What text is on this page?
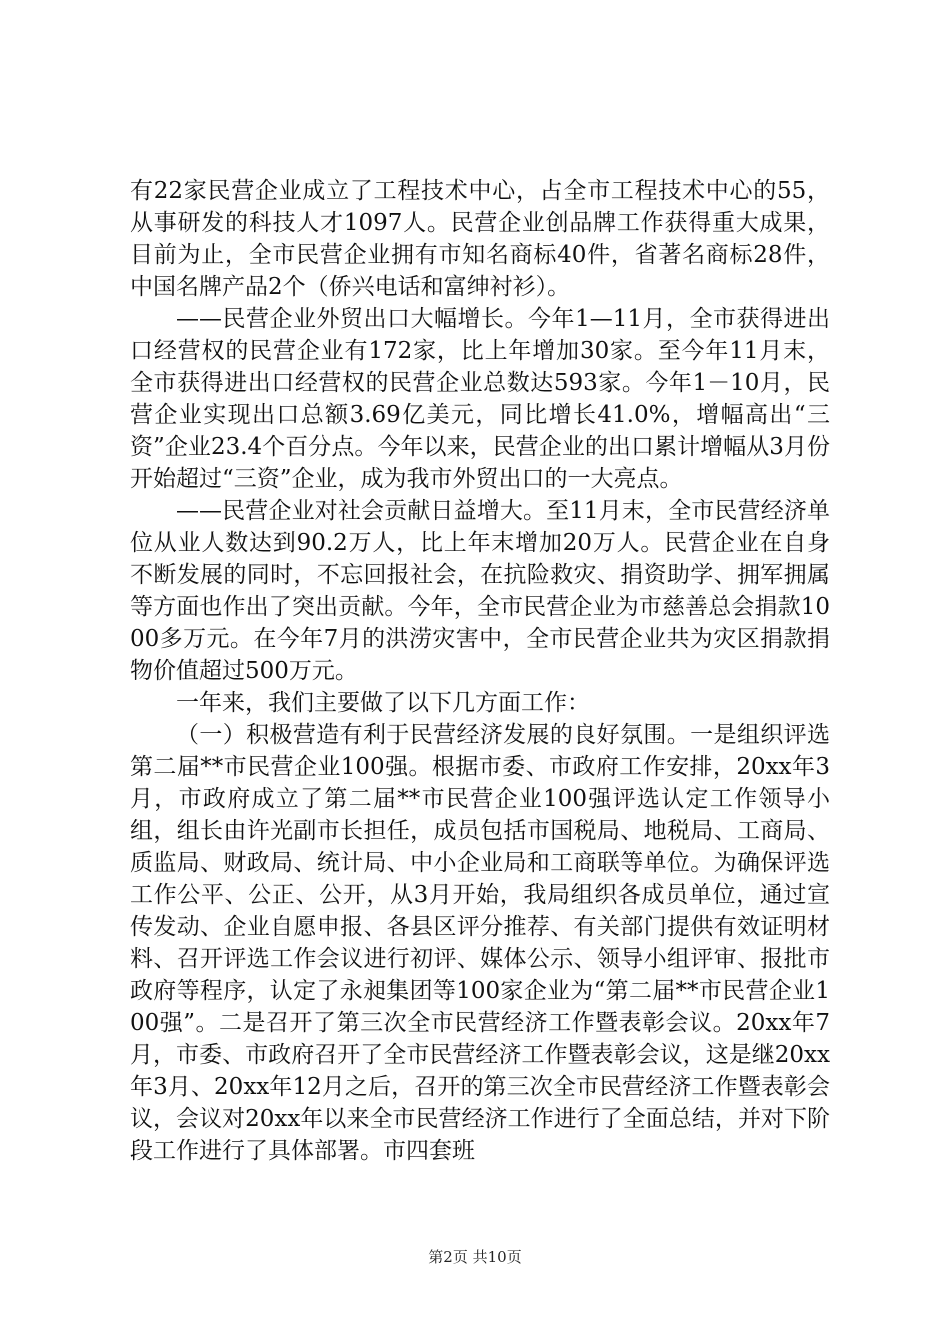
有22家民营企业成立了工程技术中心，占全市工程技术中心的55，从事研发的科技人才1097人。民营企业创品牌工作获得重大成果，目前为止，全市民营企业拥有市知名商标40件，省著名商标28件，中国名牌产品2个（侨兴电话和富绅衬衫）。

——民营企业外贸出口大幅增长。今年1—11月，全市获得进出口经营权的民营企业有172家，比上年增加30家。至今年11月末，全市获得进出口经营权的民营企业总数达593家。今年1－10月，民营企业实现出口总额3.69亿美元，同比增长41.0%，增幅高出“三资”企业23.4个百分点。今年以来，民营企业的出口累计增幅从3月份开始超过“三资”企业，成为我市外贸出口的一大亮点。

——民营企业对社会贡献日益增大。至11月末，全市民营经济单位从业人数达到90.2万人，比上年末增加20万人。民营企业在自身不断发展的同时，不忘回报社会，在抗险救灾、捐资助学、拥军拥属等方面也作出了突出贡献。今年，全市民营企业为市慈善总会捐款1000多万元。在今年7月的洪涝灾害中，全市民营企业共为灾区捐款捐物价值超过500万元。

一年来，我们主要做了以下几方面工作：

（一）积极营造有利于民营经济发展的良好氛围。一是组织评选第二届**市民营企业100强。根据市委、市政府工作安排，20xx年3月，市政府成立了第二届**市民营企业100强评选认定工作领导小组，组长由许光副市长担任，成员包括市国税局、地税局、工商局、质监局、财政局、统计局、中小企业局和工商联等单位。为确保评选工作公平、公正、公开，从3月开始，我局组织各成员单位，通过宣传发动、企业自愿申报、各县区评分推荐、有关部门提供有效证明材料、召开评选工作会议进行初评、媒体公示、领导小组评审、报批市政府等程序，认定了永昶集团等100家企业为“第二届**市民营企业100强”。二是召开了第三次全市民营经济工作暨表彰会议。20xx年7月，市委、市政府召开了全市民营经济工作暨表彰会议，这是继20xx年3月、20xx年12月之后，召开的第三次全市民营经济工作暨表彰会议，会议对20xx年以来全市民营经济工作进行了全面总结，并对下阶段工作进行了具体部署。市四套班

第2页 共10页
